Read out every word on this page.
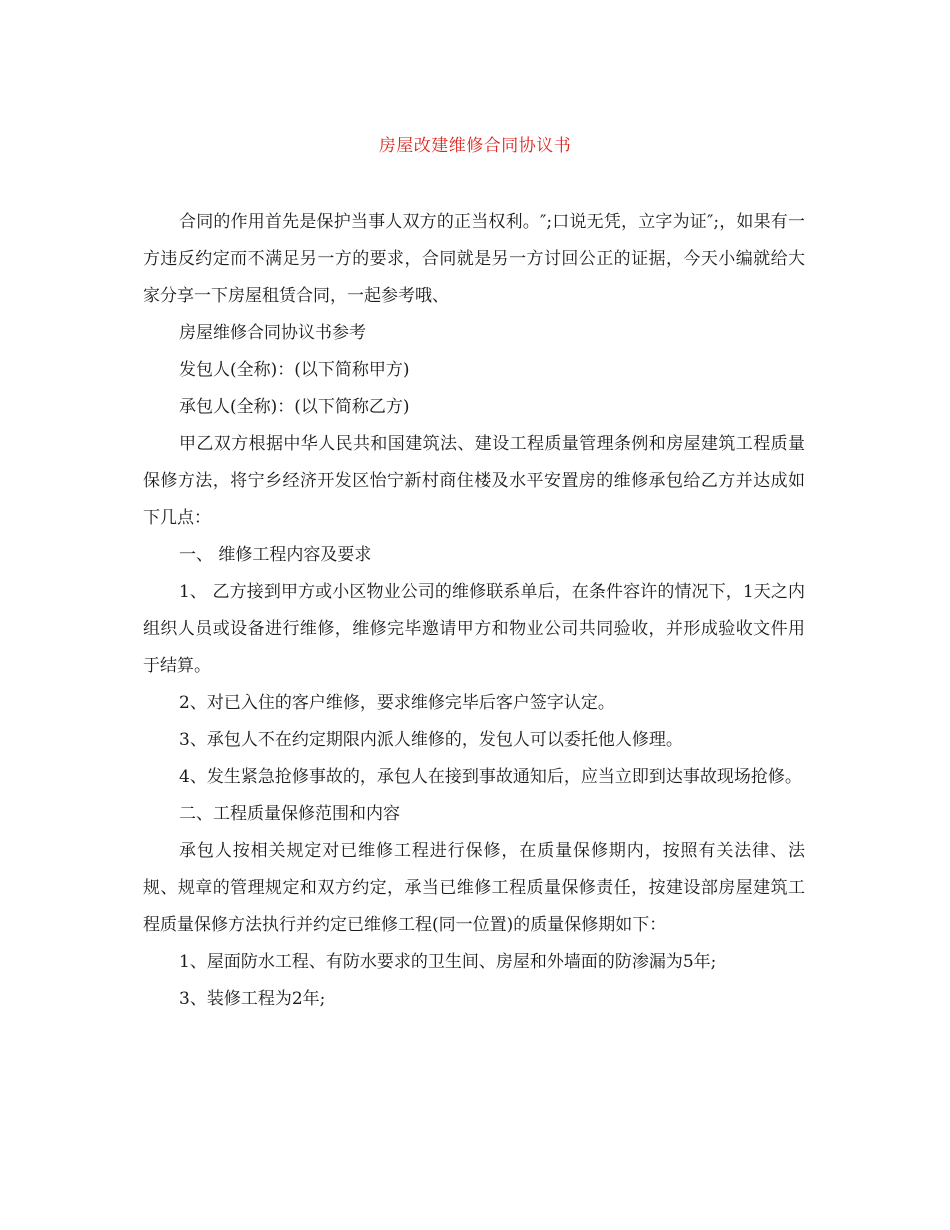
房屋改建维修合同协议书

合同的作用首先是保护当事人双方的正当权利。″;口说无凭，立字为证″;，如果有一方违反约定而不满足另一方的要求，合同就是另一方讨回公正的证据，今天小编就给大家分享一下房屋租赁合同，一起参考哦、

房屋维修合同协议书参考

发包人(全称)：(以下简称甲方)

承包人(全称)：(以下简称乙方)

甲乙双方根据中华人民共和国建筑法、建设工程质量管理条例和房屋建筑工程质量保修方法，将宁乡经济开发区怡宁新村商住楼及水平安置房的维修承包给乙方并达成如下几点：

一、 维修工程内容及要求

1、 乙方接到甲方或小区物业公司的维修联系单后，在条件容许的情况下，1天之内组织人员或设备进行维修，维修完毕邀请甲方和物业公司共同验收，并形成验收文件用于结算。

2、对已入住的客户维修，要求维修完毕后客户签字认定。

3、承包人不在约定期限内派人维修的，发包人可以委托他人修理。

4、发生紧急抢修事故的，承包人在接到事故通知后，应当立即到达事故现场抢修。

二、工程质量保修范围和内容

承包人按相关规定对已维修工程进行保修，在质量保修期内，按照有关法律、法规、规章的管理规定和双方约定，承当已维修工程质量保修责任，按建设部房屋建筑工程质量保修方法执行并约定已维修工程(同一位置)的质量保修期如下：

1、屋面防水工程、有防水要求的卫生间、房屋和外墙面的防渗漏为5年;

3、装修工程为2年;
